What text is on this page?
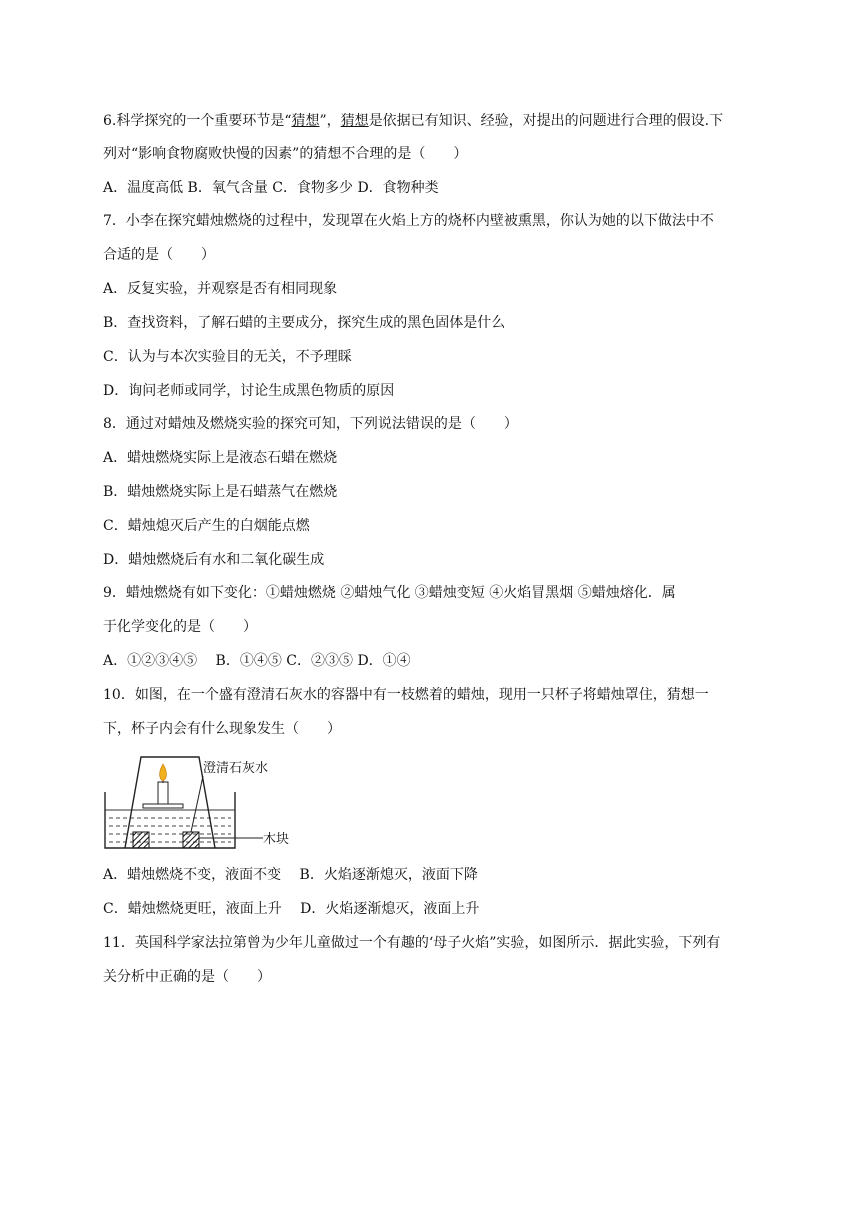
6.科学探究的一个重要环节是“猜想”，猜想是依据已有知识、经验，对提出的问题进行合理的假设.下
列对“影响食物腐败快慢的因素”的猜想不合理的是（　　）
A．温度高低 B．氧气含量 C．食物多少 D．食物种类
7．小李在探究蜡烛燃烧的过程中，发现罩在火焰上方的烧杯内壁被熏黑，你认为她的以下做法中不
合适的是（　　）
A．反复实验，并观察是否有相同现象
B．查找资料，了解石蜡的主要成分，探究生成的黑色固体是什么
C．认为与本次实验目的无关，不予理睬
D．询问老师或同学，讨论生成黑色物质的原因
8．通过对蜡烛及燃烧实验的探究可知，下列说法错误的是（　　）
A．蜡烛燃烧实际上是液态石蜡在燃烧
B．蜡烛燃烧实际上是石蜡蒸气在燃烧
C．蜡烛熄灭后产生的白烟能点燃
D．蜡烛燃烧后有水和二氧化碳生成
9．蜡烛燃烧有如下变化：①蜡烛燃烧 ②蜡烛气化 ③蜡烛变短 ④火焰冒黑烟 ⑤蜡烛熔化．属
于化学变化的是（　　）
A．①②③④⑤　 B．①④⑤ C．②③⑤ D．①④
10．如图，在一个盛有澄清石灰水的容器中有一枝燃着的蜡烛，现用一只杯子将蜡烛罩住，猜想一
下，杯子内会有什么现象发生（　　）
澄清石灰水
木块
A．蜡烛燃烧不变，液面不变　 B．火焰逐渐熄灭，液面下降
C．蜡烛燃烧更旺，液面上升　 D．火焰逐渐熄灭，液面上升
11．英国科学家法拉第曾为少年儿童做过一个有趣的‘母子火焰”实验，如图所示．据此实验，下列有
关分析中正确的是（　　）
